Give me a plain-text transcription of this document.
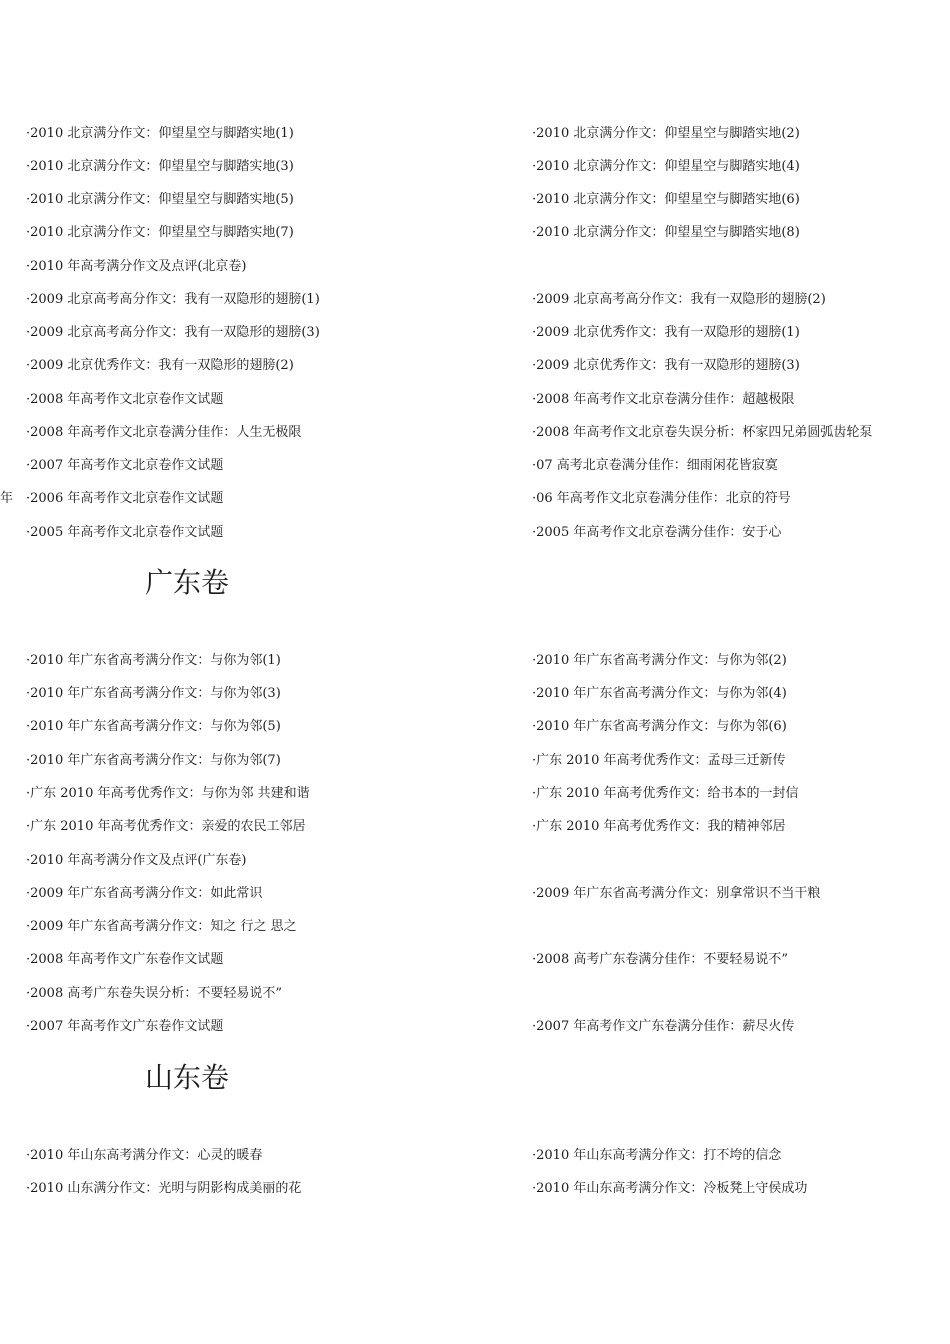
·2010 北京满分作文：仰望星空与脚踏实地(1)	·2010 北京满分作文：仰望星空与脚踏实地(2)
·2010 北京满分作文：仰望星空与脚踏实地(3)	·2010 北京满分作文：仰望星空与脚踏实地(4)
·2010 北京满分作文：仰望星空与脚踏实地(5)	·2010 北京满分作文：仰望星空与脚踏实地(6)
·2010 北京满分作文：仰望星空与脚踏实地(7)	·2010 北京满分作文：仰望星空与脚踏实地(8)
·2010 年高考满分作文及点评(北京卷)
·2009 北京高考高分作文：我有一双隐形的翅膀(1)	·2009 北京高考高分作文：我有一双隐形的翅膀(2)
·2009 北京高考高分作文：我有一双隐形的翅膀(3)	·2009 北京优秀作文：我有一双隐形的翅膀(1)
·2009 北京优秀作文：我有一双隐形的翅膀(2)	·2009 北京优秀作文：我有一双隐形的翅膀(3)
·2008 年高考作文北京卷作文试题	·2008 年高考作文北京卷满分佳作：超越极限
·2008 年高考作文北京卷满分佳作：人生无极限	·2008 年高考作文北京卷失误分析：杯家四兄弟圆弧齿轮泵
·2007 年高考作文北京卷作文试题	·07 高考北京卷满分佳作：细雨闲花皆寂寞
·2006 年高考作文北京卷作文试题	·06 年高考作文北京卷满分佳作：北京的符号
·2005 年高考作文北京卷作文试题	·2005 年高考作文北京卷满分佳作：安于心
年
广东卷
·2010 年广东省高考满分作文：与你为邻(1)	·2010 年广东省高考满分作文：与你为邻(2)
·2010 年广东省高考满分作文：与你为邻(3)	·2010 年广东省高考满分作文：与你为邻(4)
·2010 年广东省高考满分作文：与你为邻(5)	·2010 年广东省高考满分作文：与你为邻(6)
·2010 年广东省高考满分作文：与你为邻(7)	·广东 2010 年高考优秀作文：孟母三迁新传
·广东 2010 年高考优秀作文：与你为邻 共建和谐	·广东 2010 年高考优秀作文：给书本的一封信
·广东 2010 年高考优秀作文：亲爱的农民工邻居	·广东 2010 年高考优秀作文：我的精神邻居
·2010 年高考满分作文及点评(广东卷)
·2009 年广东省高考满分作文：如此常识	·2009 年广东省高考满分作文：别拿常识不当干粮
·2009 年广东省高考满分作文：知之 行之 思之
·2008 年高考作文广东卷作文试题	·2008 高考广东卷满分佳作：不要轻易说不”
·2008 高考广东卷失误分析：不要轻易说不”
·2007 年高考作文广东卷作文试题	·2007 年高考作文广东卷满分佳作：薪尽火传
山东卷
·2010 年山东高考满分作文：心灵的暖春	·2010 年山东高考满分作文：打不垮的信念
·2010 山东满分作文：光明与阴影构成美丽的花	·2010 年山东高考满分作文：冷板凳上守侯成功
